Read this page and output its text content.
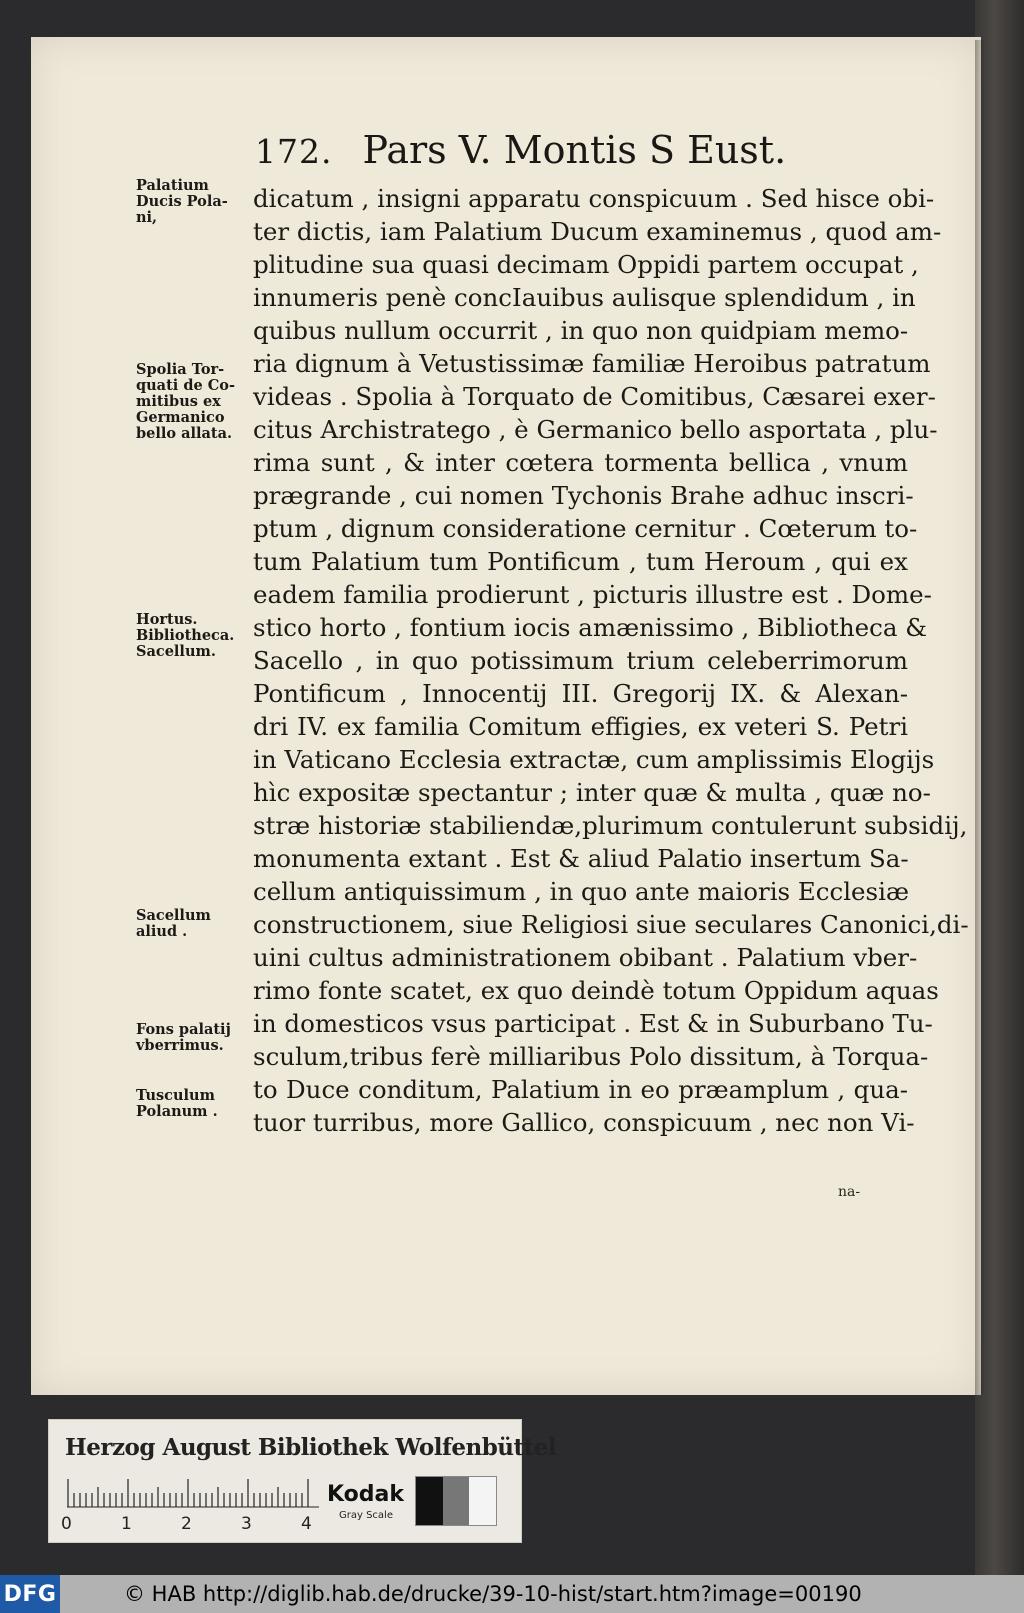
172. Pars V. Montis S Eust.
dicatum , insigni apparatu conspicuum . Sed hisce obi-
ter dictis, iam Palatium Ducum examinemus , quod am-
plitudine sua quasi decimam Oppidi partem occupat ,
innumeris penè concIauibus aulisque splendidum , in
quibus nullum occurrit , in quo non quidpiam memo-
ria dignum à Vetustissimæ familiæ Heroibus patratum
videas . Spolia à Torquato de Comitibus, Cæsarei exer-
citus Archistratego , è Germanico bello asportata , plu-
rima sunt , & inter cœtera tormenta bellica , vnum
prægrande , cui nomen Tychonis Brahe adhuc inscri-
ptum , dignum consideratione cernitur . Cœterum to-
tum Palatium tum Pontificum , tum Heroum , qui ex
eadem familia prodierunt , picturis illustre est . Dome-
stico horto , fontium iocis amænissimo , Bibliotheca &
Sacello , in quo potissimum trium celeberrimorum
Pontificum , Innocentij III. Gregorij IX. & Alexan-
dri IV. ex familia Comitum effigies, ex veteri S. Petri
in Vaticano Ecclesia extractæ, cum amplissimis Elogijs
hìc expositæ spectantur ; inter quæ & multa , quæ no-
stræ historiæ stabiliendæ,plurimum contulerunt subsidij,
monumenta extant . Est & aliud Palatio insertum Sa-
cellum antiquissimum , in quo ante maioris Ecclesiæ
constructionem, siue Religiosi siue seculares Canonici,di-
uini cultus administrationem obibant . Palatium vber-
rimo fonte scatet, ex quo deindè totum Oppidum aquas
in domesticos vsus participat . Est & in Suburbano Tu-
sculum,tribus ferè milliaribus Polo dissitum, à Torqua-
to Duce conditum, Palatium in eo præamplum , qua-
tuor turribus, more Gallico, conspicuum , nec non Vi-
na-
Palatium
Ducis Pola-
ni,
Spolia Tor-
quati de Co-
mitibus ex
Germanico
bello allata.
Hortus.
Bibliotheca.
Sacellum.
Sacellum
aliud .
Fons palatij
vberrimus.
Tusculum
Polanum .
Herzog August Bibliothek Wolfenbüttel
0	1	2	3	4
Kodak
Gray Scale
DFG	© HAB http://diglib.hab.de/drucke/39-10-hist/start.htm?image=00190
